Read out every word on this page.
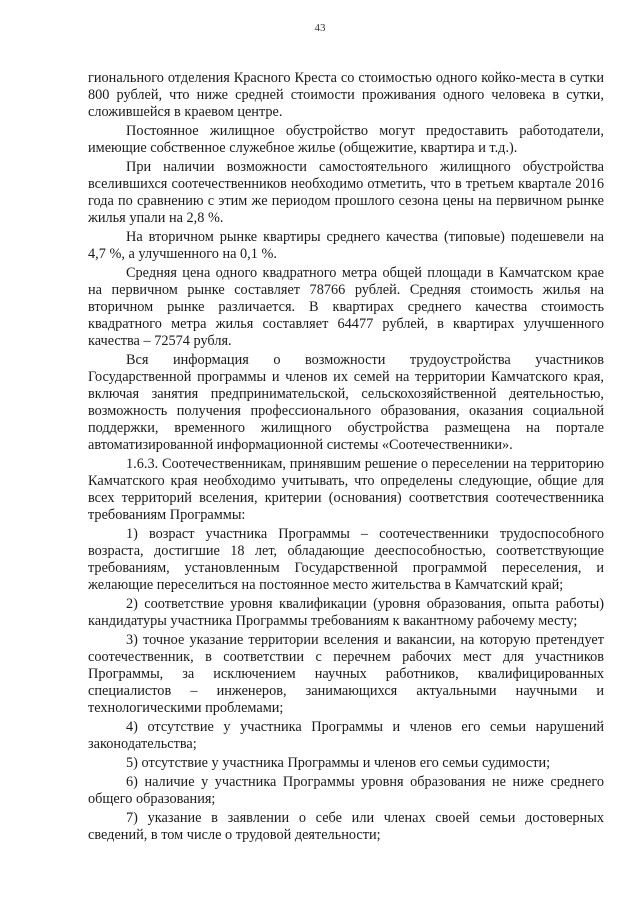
43

гионального отделения Красного Креста со стоимостью одного койко-места в сутки 800 рублей, что ниже средней стоимости проживания одного человека в сутки, сложившейся в краевом центре.

Постоянное жилищное обустройство могут предоставить работодатели, имеющие собственное служебное жилье (общежитие, квартира и т.д.).

При наличии возможности самостоятельного жилищного обустройства вселившихся соотечественников необходимо отметить, что в третьем квартале 2016 года по сравнению с этим же периодом прошлого сезона цены на первичном рынке жилья упали на 2,8 %.

На вторичном рынке квартиры среднего качества (типовые) подешевели на 4,7 %, а улучшенного на 0,1 %.

Средняя цена одного квадратного метра общей площади в Камчатском крае на первичном рынке составляет 78766 рублей. Средняя стоимость жилья на вторичном рынке различается. В квартирах среднего качества стоимость квадратного метра жилья составляет 64477 рублей, в квартирах улучшенного качества – 72574 рубля.

Вся информация о возможности трудоустройства участников Государственной программы и членов их семей на территории Камчатского края, включая занятия предпринимательской, сельскохозяйственной деятельностью, возможность получения профессионального образования, оказания социальной поддержки, временного жилищного обустройства размещена на портале автоматизированной информационной системы «Соотечественники».

1.6.3. Соотечественникам, принявшим решение о переселении на территорию Камчатского края необходимо учитывать, что определены следующие, общие для всех территорий вселения, критерии (основания) соответствия соотечественника требованиям Программы:

1) возраст участника Программы – соотечественники трудоспособного возраста, достигшие 18 лет, обладающие дееспособностью, соответствующие требованиям, установленным Государственной программой переселения, и желающие переселиться на постоянное место жительства в Камчатский край;

2) соответствие уровня квалификации (уровня образования, опыта работы) кандидатуры участника Программы требованиям к вакантному рабочему месту;

3) точное указание территории вселения и вакансии, на которую претендует соотечественник, в соответствии с перечнем рабочих мест для участников Программы, за исключением научных работников, квалифицированных специалистов – инженеров, занимающихся актуальными научными и технологическими проблемами;

4) отсутствие у участника Программы и членов его семьи нарушений законодательства;

5) отсутствие у участника Программы и членов его семьи судимости;

6) наличие у участника Программы уровня образования не ниже среднего общего образования;

7) указание в заявлении о себе или членах своей семьи достоверных сведений, в том числе о трудовой деятельности;
